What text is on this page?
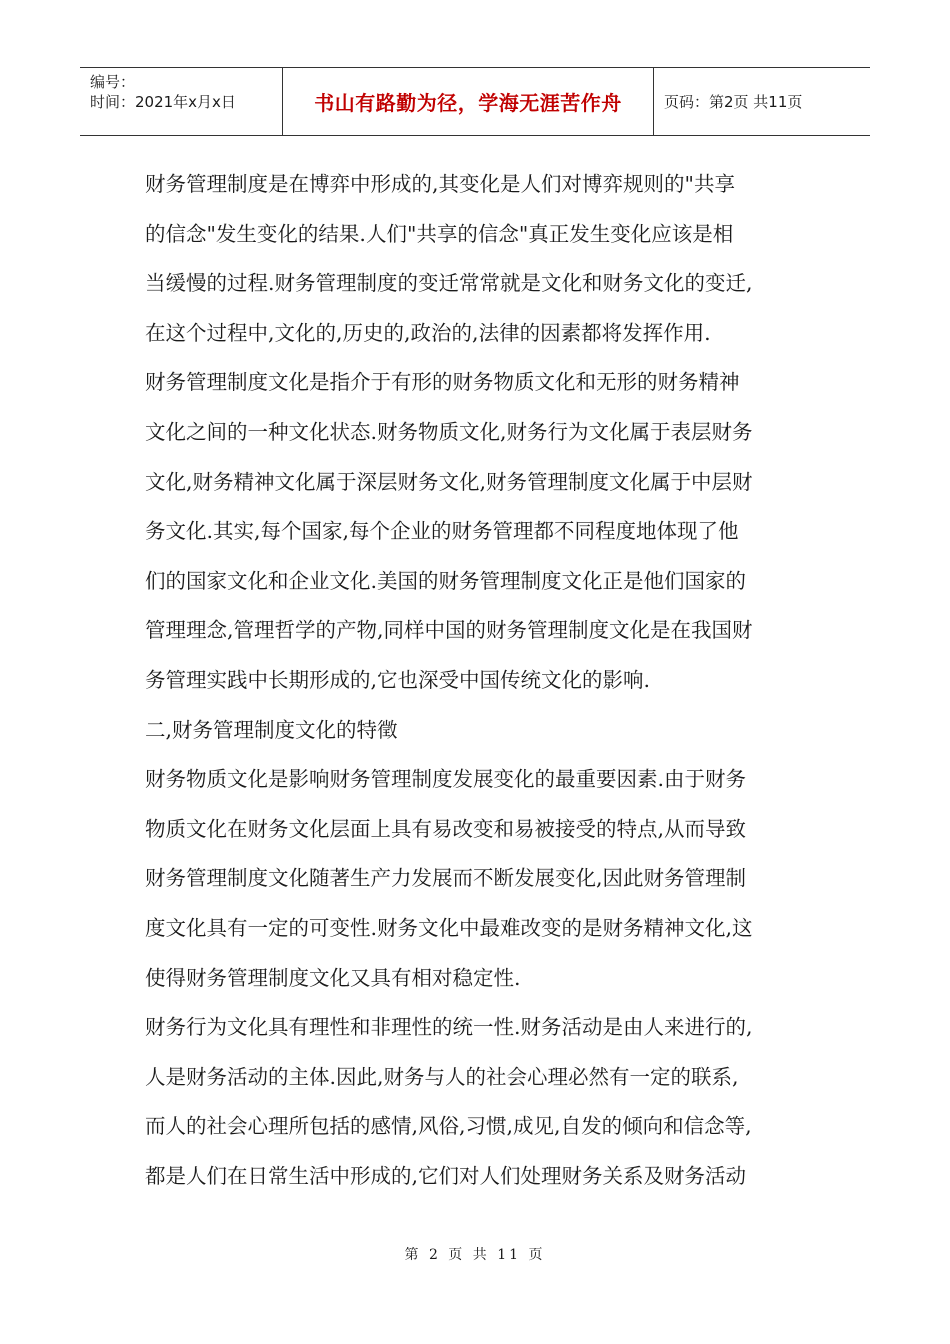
编号：
时间：2021年x月x日	书山有路勤为径，学海无涯苦作舟	页码：第2页 共11页

财务管理制度是在博弈中形成的,其变化是人们对博弈规则的"共享

的信念"发生变化的结果.人们"共享的信念"真正发生变化应该是相

当缓慢的过程.财务管理制度的变迁常常就是文化和财务文化的变迁,

在这个过程中,文化的,历史的,政治的,法律的因素都将发挥作用.

财务管理制度文化是指介于有形的财务物质文化和无形的财务精神

文化之间的一种文化状态.财务物质文化,财务行为文化属于表层财务

文化,财务精神文化属于深层财务文化,财务管理制度文化属于中层财

务文化.其实,每个国家,每个企业的财务管理都不同程度地体现了他

们的国家文化和企业文化.美国的财务管理制度文化正是他们国家的

管理理念,管理哲学的产物,同样中国的财务管理制度文化是在我国财

务管理实践中长期形成的,它也深受中国传统文化的影响.

二,财务管理制度文化的特徵

财务物质文化是影响财务管理制度发展变化的最重要因素.由于财务

物质文化在财务文化层面上具有易改变和易被接受的特点,从而导致

财务管理制度文化随著生产力发展而不断发展变化,因此财务管理制

度文化具有一定的可变性.财务文化中最难改变的是财务精神文化,这

使得财务管理制度文化又具有相对稳定性.

财务行为文化具有理性和非理性的统一性.财务活动是由人来进行的,

人是财务活动的主体.因此,财务与人的社会心理必然有一定的联系,

而人的社会心理所包括的感情,风俗,习惯,成见,自发的倾向和信念等,

都是人们在日常生活中形成的,它们对人们处理财务关系及财务活动

第 2 页 共 11 页
